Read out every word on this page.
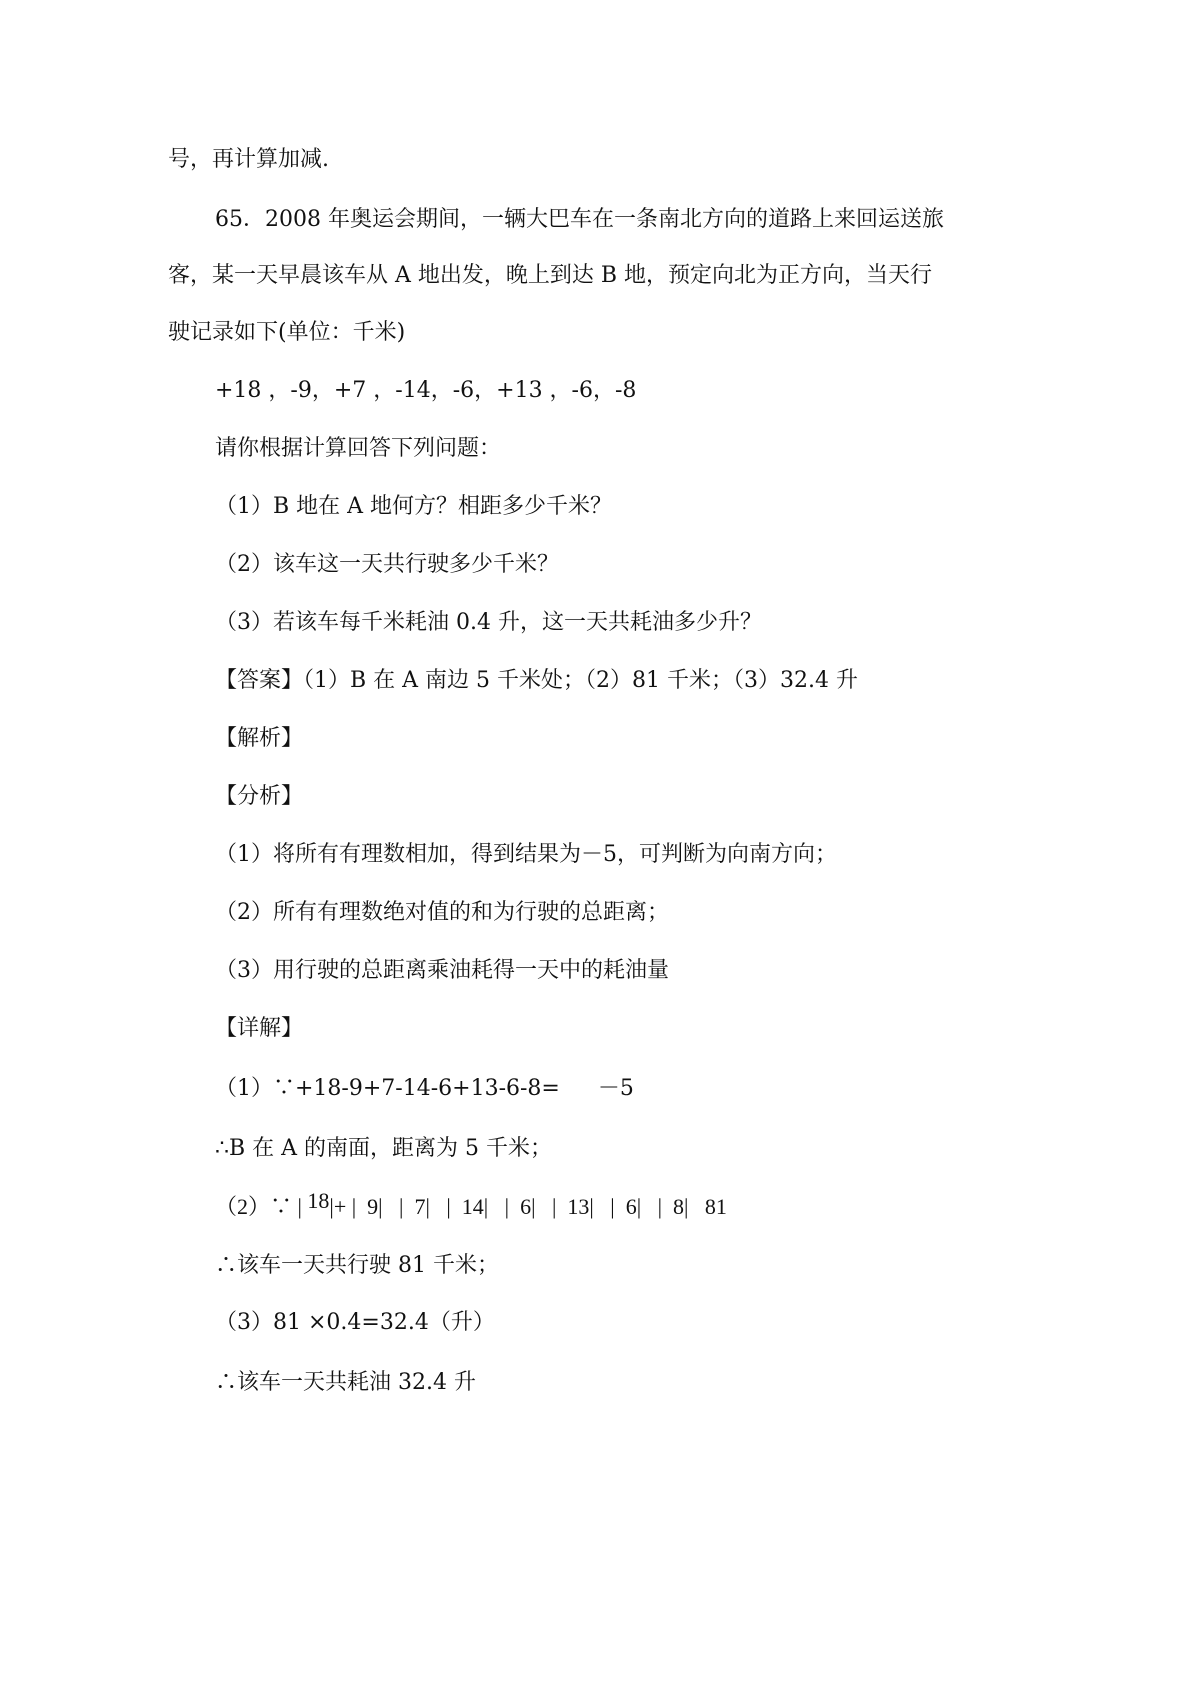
号，再计算加减.
65．2008 年奥运会期间，一辆大巴车在一条南北方向的道路上来回运送旅
客，某一天早晨该车从 A 地出发，晚上到达 B 地，预定向北为正方向，当天行
驶记录如下(单位：千米)
+18 ，-9，+7 ，-14，-6，+13 ，-6，-8
请你根据计算回答下列问题：
（1）B 地在 A 地何方？相距多少千米？
（2）该车这一天共行驶多少千米？
（3）若该车每千米耗油 0.4 升，这一天共耗油多少升？
【答案】（1）B 在 A 南边 5 千米处；（2）81 千米；（3）32.4 升
【解析】
【分析】
（1）将所有有理数相加，得到结果为－5，可判断为向南方向；
（2）所有有理数绝对值的和为行驶的总距离；
（3）用行驶的总距离乘油耗得一天中的耗油量
【详解】
（1）∵+18-9+7-14-6+13-6-8= －5
∴B 在 A 的南面，距离为 5 千米；
（2）∵ | 18|+ |  9|   |  7|   |  14|   |  6|   |  13|   |  6|   |  8|   81
∴该车一天共行驶 81 千米；
（3）81 ×0.4=32.4（升）
∴该车一天共耗油 32.4 升
